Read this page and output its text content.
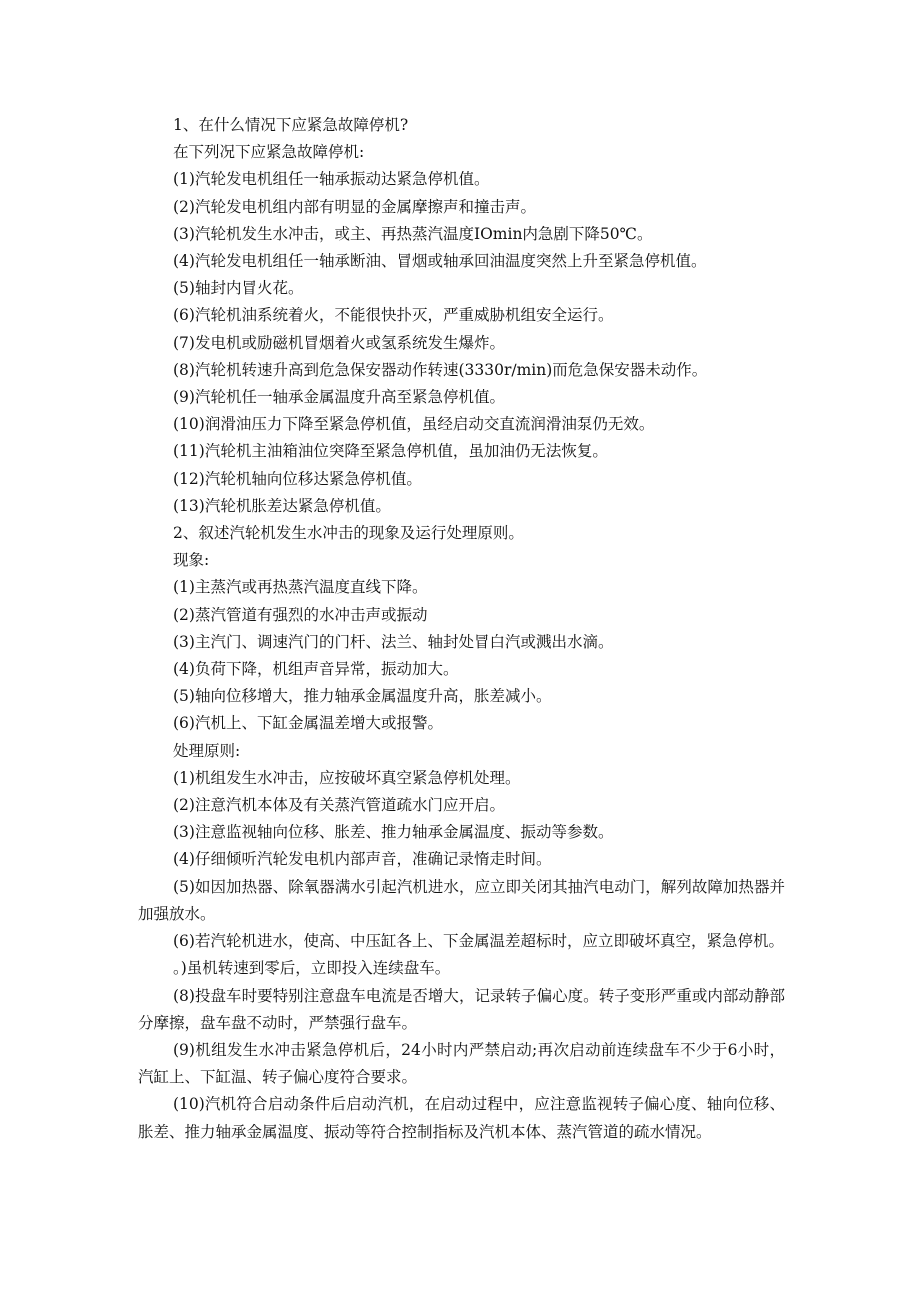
1、在什么情况下应紧急故障停机?

在下列况下应紧急故障停机:

(1)汽轮发电机组任一轴承振动达紧急停机值。

(2)汽轮发电机组内部有明显的金属摩擦声和撞击声。

(3)汽轮机发生水冲击，或主、再热蒸汽温度IOmin内急剧下降50℃。

(4)汽轮发电机组任一轴承断油、冒烟或轴承回油温度突然上升至紧急停机值。

(5)轴封内冒火花。

(6)汽轮机油系统着火，不能很快扑灭，严重威胁机组安全运行。

(7)发电机或励磁机冒烟着火或氢系统发生爆炸。

(8)汽轮机转速升高到危急保安器动作转速(3330r∕min)而危急保安器未动作。

(9)汽轮机任一轴承金属温度升高至紧急停机值。

(10)润滑油压力下降至紧急停机值，虽经启动交直流润滑油泵仍无效。

(11)汽轮机主油箱油位突降至紧急停机值，虽加油仍无法恢复。

(12)汽轮机轴向位移达紧急停机值。

(13)汽轮机胀差达紧急停机值。

2、叙述汽轮机发生水冲击的现象及运行处理原则。

现象:

(1)主蒸汽或再热蒸汽温度直线下降。

(2)蒸汽管道有强烈的水冲击声或振动

(3)主汽门、调速汽门的门杆、法兰、轴封处冒白汽或溅出水滴。

(4)负荷下降，机组声音异常，振动加大。

(5)轴向位移增大，推力轴承金属温度升高，胀差减小。

(6)汽机上、下缸金属温差增大或报警。

处理原则:

(1)机组发生水冲击，应按破坏真空紧急停机处理。

(2)注意汽机本体及有关蒸汽管道疏水门应开启。

(3)注意监视轴向位移、胀差、推力轴承金属温度、振动等参数。

(4)仔细倾听汽轮发电机内部声音，准确记录惰走时间。

(5)如因加热器、除氧器满水引起汽机进水，应立即关闭其抽汽电动门，解列故障加热器并加强放水。

(6)若汽轮机进水，使高、中压缸各上、下金属温差超标时，应立即破坏真空，紧急停机。

。)虽机转速到零后，立即投入连续盘车。

(8)投盘车时要特别注意盘车电流是否增大，记录转子偏心度。转子变形严重或内部动静部分摩擦，盘车盘不动时，严禁强行盘车。

(9)机组发生水冲击紧急停机后，24小时内严禁启动;再次启动前连续盘车不少于6小时，汽缸上、下缸温、转子偏心度符合要求。

(10)汽机符合启动条件后启动汽机，在启动过程中，应注意监视转子偏心度、轴向位移、胀差、推力轴承金属温度、振动等符合控制指标及汽机本体、蒸汽管道的疏水情况。
